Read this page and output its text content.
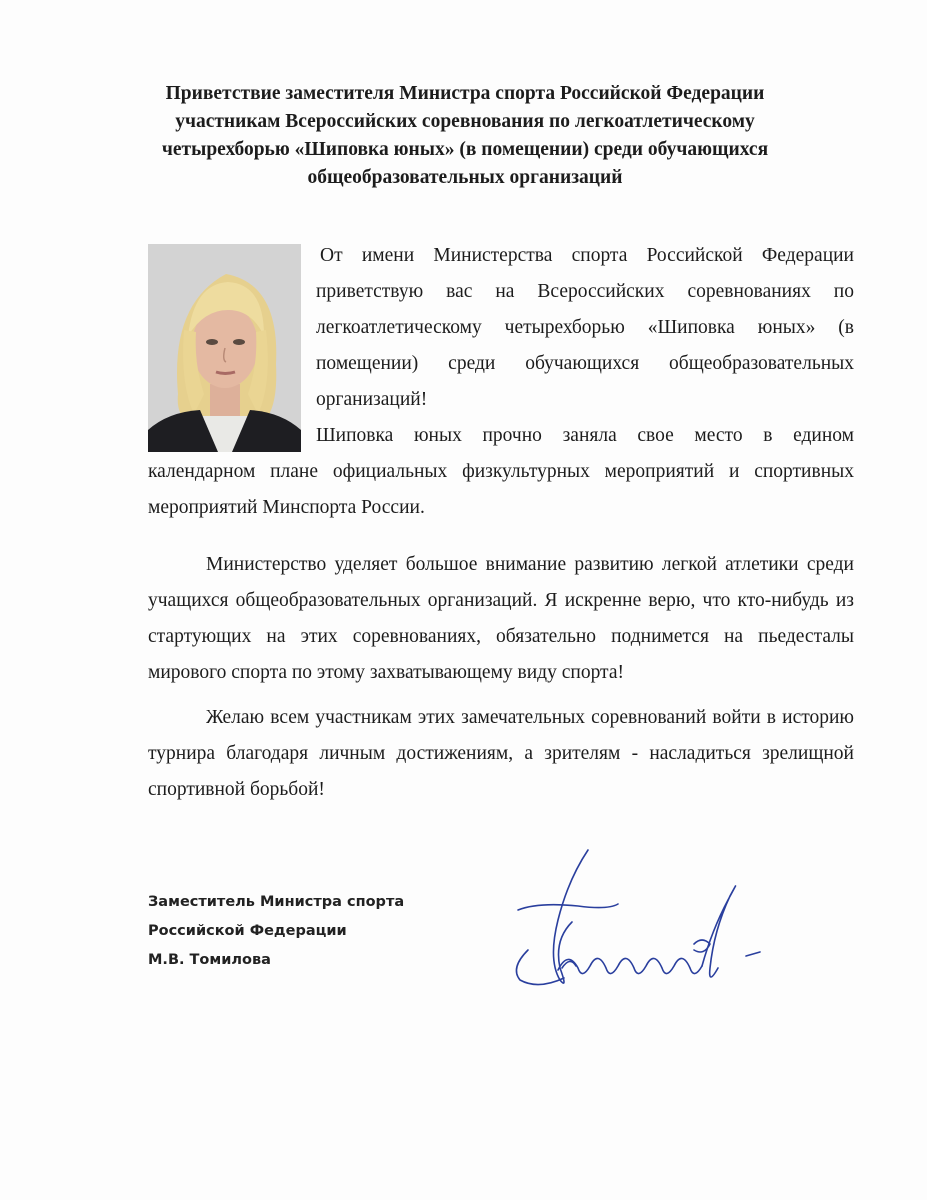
Приветствие заместителя Министра спорта Российской Федерации
участникам Всероссийских соревнования по легкоатлетическому
четырехборью «Шиповка юных» (в помещении) среди обучающихся
общеобразовательных организаций

От имени Министерства спорта Российской Федерации приветствую вас на Всероссийских соревнованиях по легкоатлетическому четырехборью «Шиповка юных» (в помещении) среди обучающихся общеобразовательных организаций!

Шиповка юных прочно заняла свое место в едином календарном плане официальных физкультурных мероприятий и спортивных мероприятий Минспорта России.

Министерство уделяет большое внимание развитию легкой атлетики среди учащихся общеобразовательных организаций. Я искренне верю, что кто-нибудь из стартующих на этих соревнованиях, обязательно поднимется на пьедесталы мирового спорта по этому захватывающему виду спорта!

Желаю всем участникам этих замечательных соревнований войти в историю турнира благодаря личным достижениям, а зрителям - насладиться зрелищной спортивной борьбой!

Заместитель Министра спорта
Российской Федерации
М.В. Томилова
